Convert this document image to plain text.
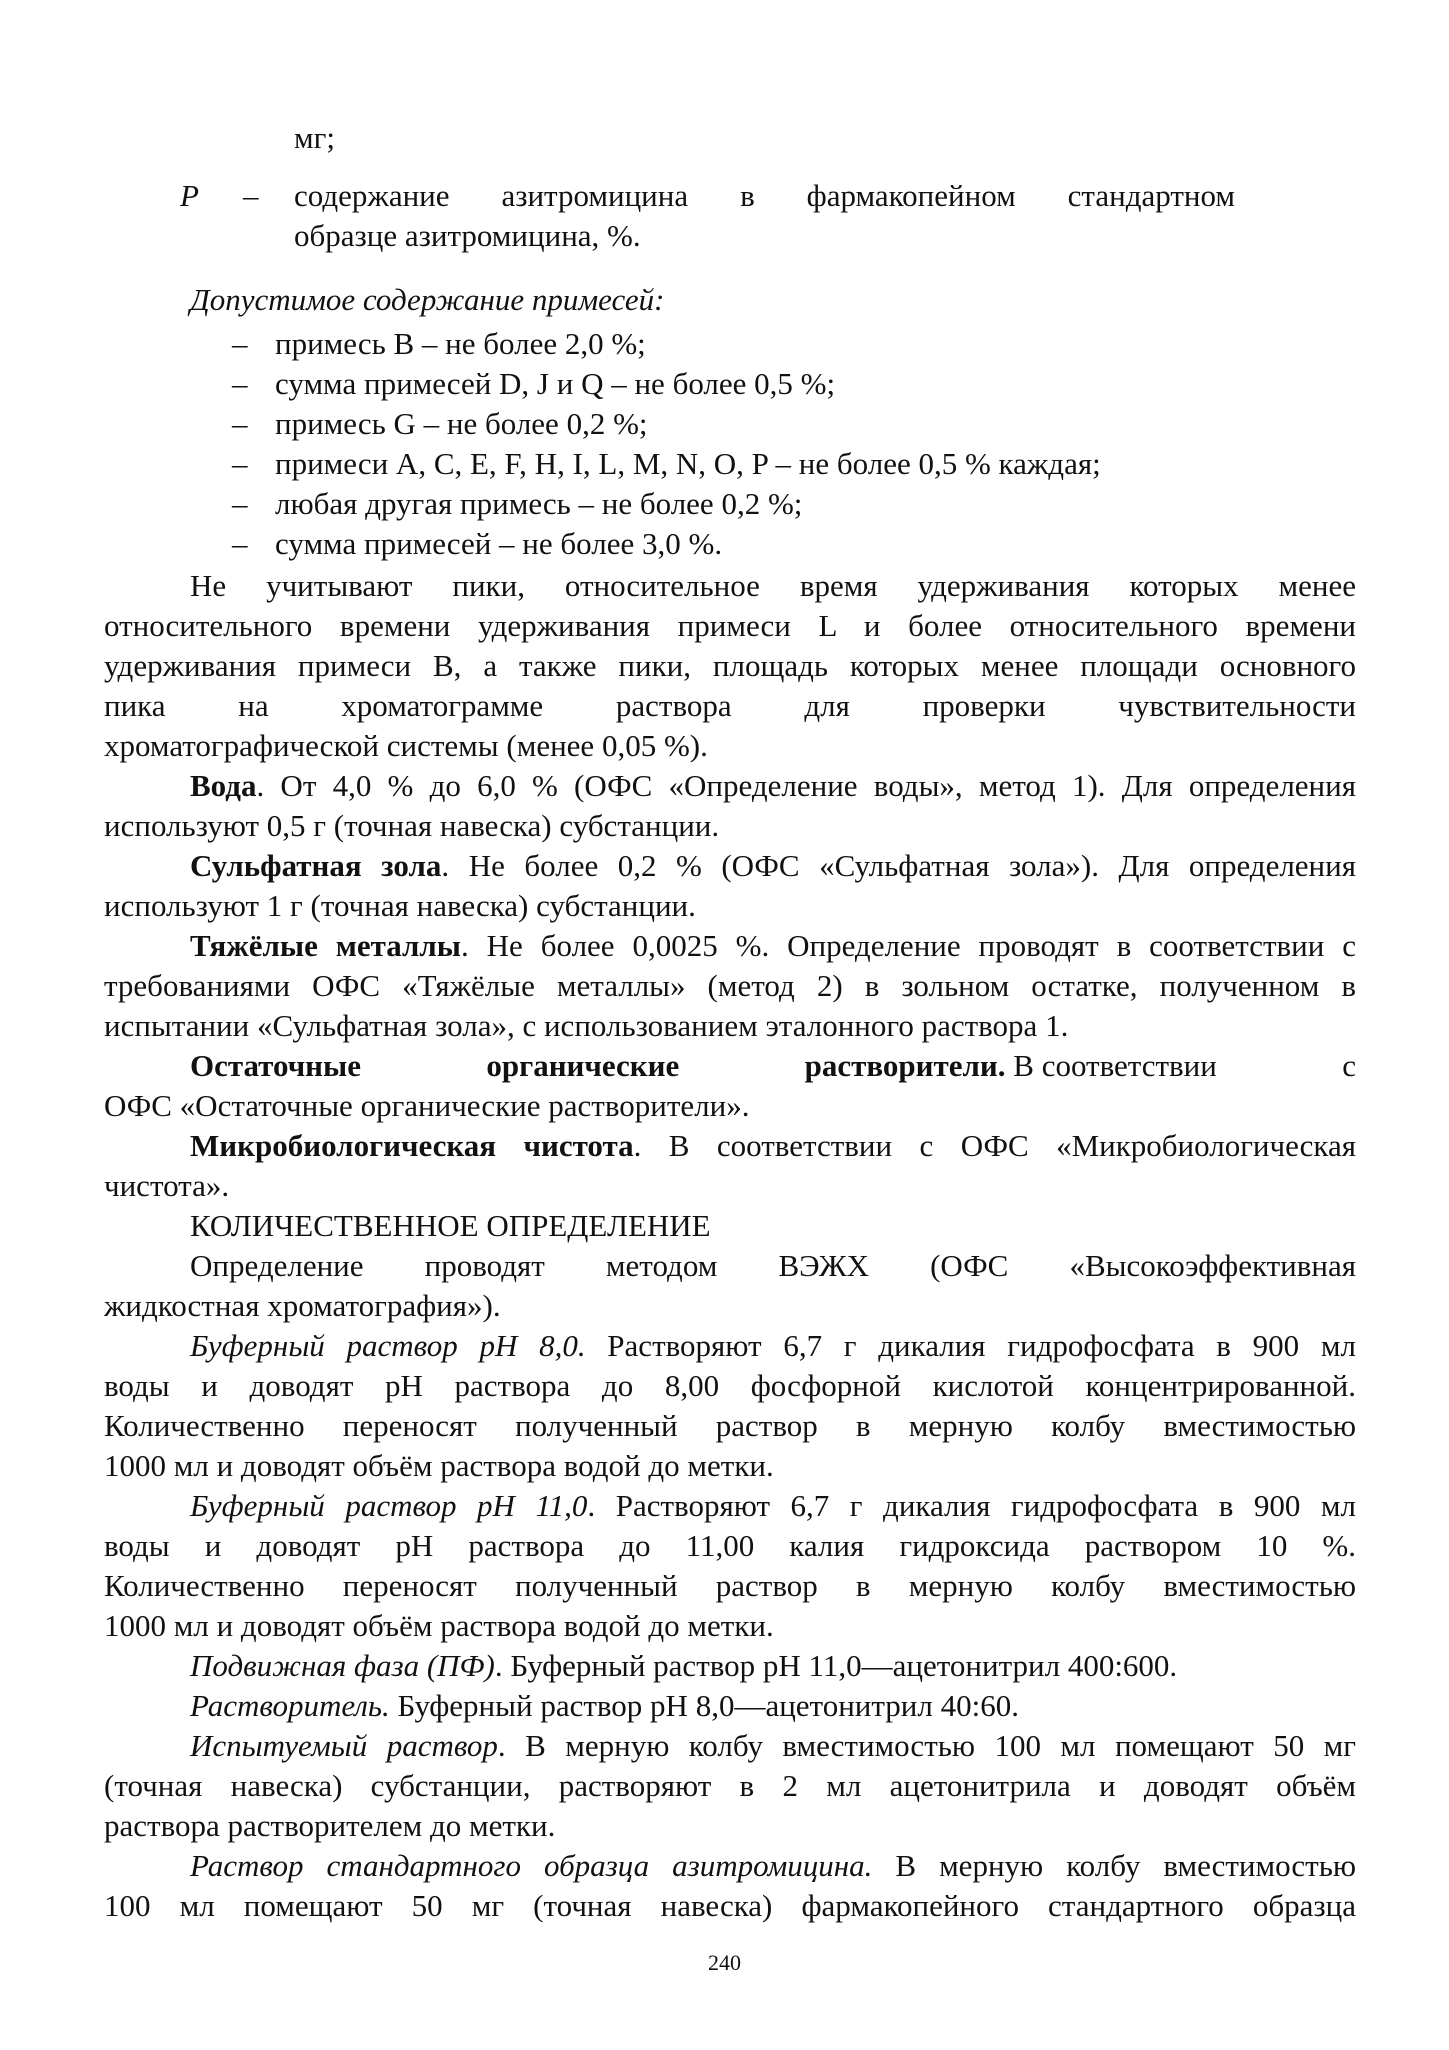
мг;
P – содержание азитромицина в фармакопейном стандартном
образце азитромицина, %.
Допустимое содержание примесей:
– примесь B – не более 2,0 %;
– сумма примесей D, J и Q – не более 0,5 %;
– примесь G – не более 0,2 %;
– примеси A, C, E, F, H, I, L, M, N, O, P – не более 0,5 % каждая;
– любая другая примесь – не более 0,2 %;
– сумма примесей – не более 3,0 %.
Не учитывают пики, относительное время удерживания которых менее
относительного времени удерживания примеси L и более относительного времени
удерживания примеси B, а также пики, площадь которых менее площади основного
пика на хроматограмме раствора для проверки чувствительности
хроматографической системы (менее 0,05 %).
Вода. От 4,0 % до 6,0 % (ОФС «Определение воды», метод 1). Для определения
используют 0,5 г (точная навеска) субстанции.
Сульфатная зола. Не более 0,2 % (ОФС «Сульфатная зола»). Для определения
используют 1 г (точная навеска) субстанции.
Тяжёлые металлы. Не более 0,0025 %. Определение проводят в соответствии с
требованиями ОФС «Тяжёлые металлы» (метод 2) в зольном остатке, полученном в
испытании «Сульфатная зола», с использованием эталонного раствора 1.
Остаточные	органические	растворители. В соответствии	с
ОФС «Остаточные органические растворители».
Микробиологическая чистота. В соответствии с ОФС «Микробиологическая
чистота».
КОЛИЧЕСТВЕННОЕ ОПРЕДЕЛЕНИЕ
Определение проводят методом ВЭЖХ (ОФС «Высокоэффективная
жидкостная хроматография»).
Буферный раствор pH 8,0. Растворяют 6,7 г дикалия гидрофосфата в 900 мл
воды и доводят pH раствора до 8,00 фосфорной кислотой концентрированной.
Количественно переносят полученный раствор в мерную колбу вместимостью
1000 мл и доводят объём раствора водой до метки.
Буферный раствор pH 11,0. Растворяют 6,7 г дикалия гидрофосфата в 900 мл
воды и доводят pH раствора до 11,00 калия гидроксида раствором 10 %.
Количественно переносят полученный раствор в мерную колбу вместимостью
1000 мл и доводят объём раствора водой до метки.
Подвижная фаза (ПФ). Буферный раствор pH 11,0—ацетонитрил 400:600.
Растворитель. Буферный раствор pH 8,0—ацетонитрил 40:60.
Испытуемый раствор. В мерную колбу вместимостью 100 мл помещают 50 мг
(точная навеска) субстанции, растворяют в 2 мл ацетонитрила и доводят объём
раствора растворителем до метки.
Раствор стандартного образца азитромицина. В мерную колбу вместимостью
100 мл помещают 50 мг (точная навеска) фармакопейного стандартного образца
240
